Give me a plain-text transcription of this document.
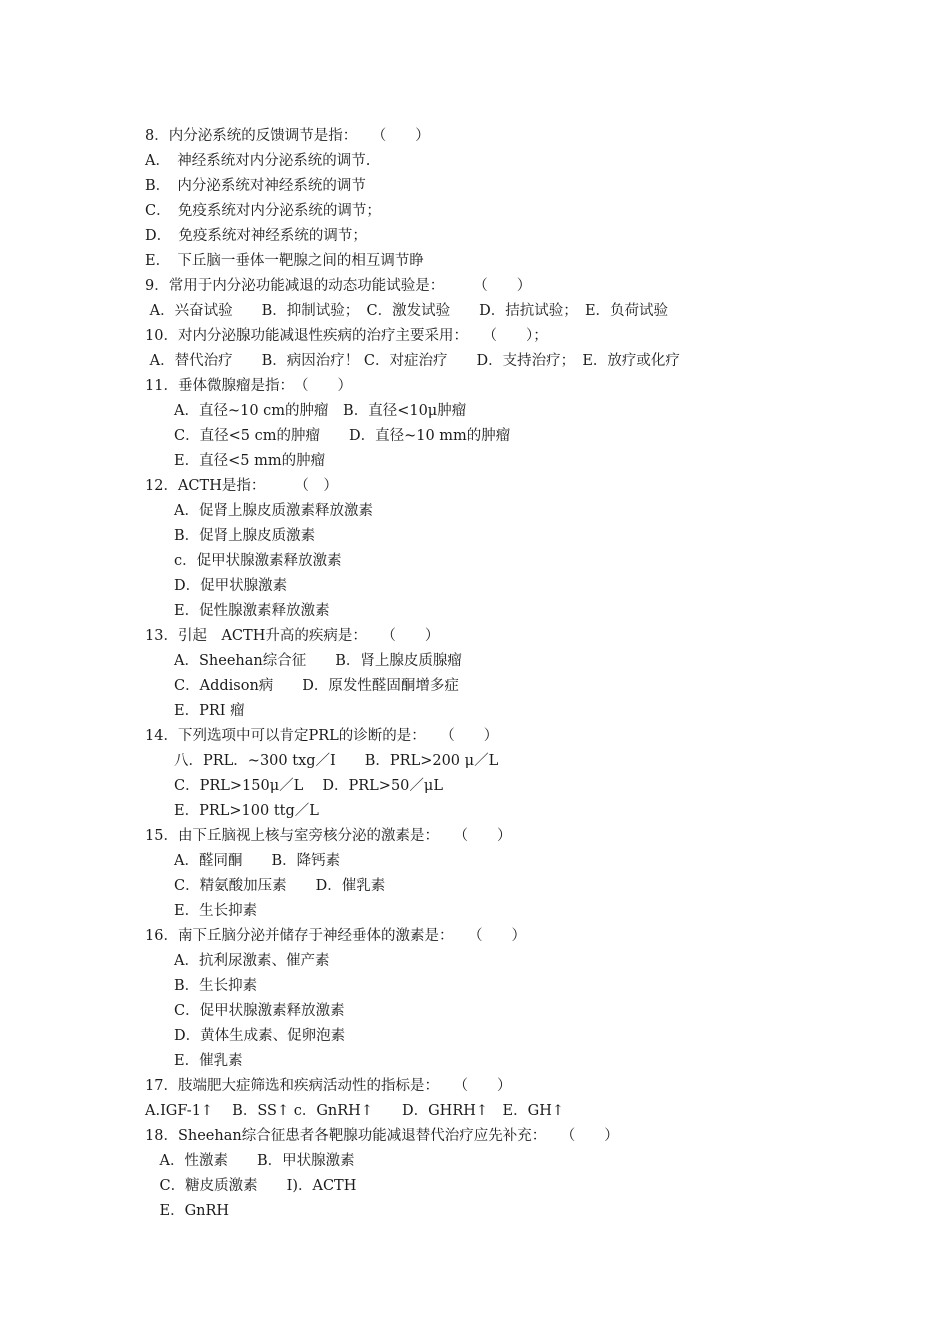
8．内分泌系统的反馈调节是指：　　（　　）
A．　神经系统对内分泌系统的调节.
B．　内分泌系统对神经系统的调节
C．　免疫系统对内分泌系统的调节；
D．　免疫系统对神经系统的调节；
E．　下丘脑一垂体一靶腺之间的相互调节睁
9．常用于内分泌功能减退的动态功能试验是：　　　（　　）
A．兴奋试验　　B．抑制试验；　C．激发试验　　D．拮抗试验；　E．负荷试验
10．对内分泌腺功能减退性疾病的治疗主要采用：　　（　　）；
A．替代治疗　　B．病因治疗！ C．对症治疗　　D．支持治疗；　E．放疗或化疗
11．垂体微腺瘤是指：　（　　）
　　A．直径~10 cm的肿瘤　B．直径<10μ肿瘤
　　C．直径<5 cm的肿瘤　　D．直径~10 mm的肿瘤
　　E．直径<5 mm的肿瘤
12．ACTH是指：　　　（　）
　　A．促肾上腺皮质激素释放激素
　　B．促肾上腺皮质激素
　　c．促甲状腺激素释放激素
　　D．促甲状腺激素
　　E．促性腺激素释放激素
13．引起　ACTH升高的疾病是：　　（　　）
　　A．Sheehan综合征　　B．肾上腺皮质腺瘤
　　C．Addison病　　D．原发性醛固酮增多症
　　E．PRI 瘤
14．下列选项中可以肯定PRL的诊断的是：　　（　　）
　　八．PRL．~300 txg／I　　B．PRL>200 μ／L
　　C．PRL>150μ／L　 D．PRL>50／μL
　　E．PRL>100 ttg／L
15．由下丘脑视上核与室旁核分泌的激素是：　　（　　）
　　A．醛同酮　　B．降钙素
　　C．精氨酸加压素　　D．催乳素
　　E．生长抑素
16．南下丘脑分泌并储存于神经垂体的激素是：　　（　　）
　　A．抗利尿激素、催产素
　　B．生长抑素
　　C．促甲状腺激素释放激素
　　D．黄体生成素、促卵泡素
　　E．催乳素
17．肢端肥大症筛选和疾病活动性的指标是：　　（　　）
A.IGF-1↑　 B．SS↑ c．GnRH↑　　D．GHRH↑　E．GH↑
18．Sheehan综合征患者各靶腺功能减退替代治疗应先补充：　　（　　）
　A．性激素　　B．甲状腺激素
　C．糖皮质激素　　I)．ACTH
　E．GnRH
